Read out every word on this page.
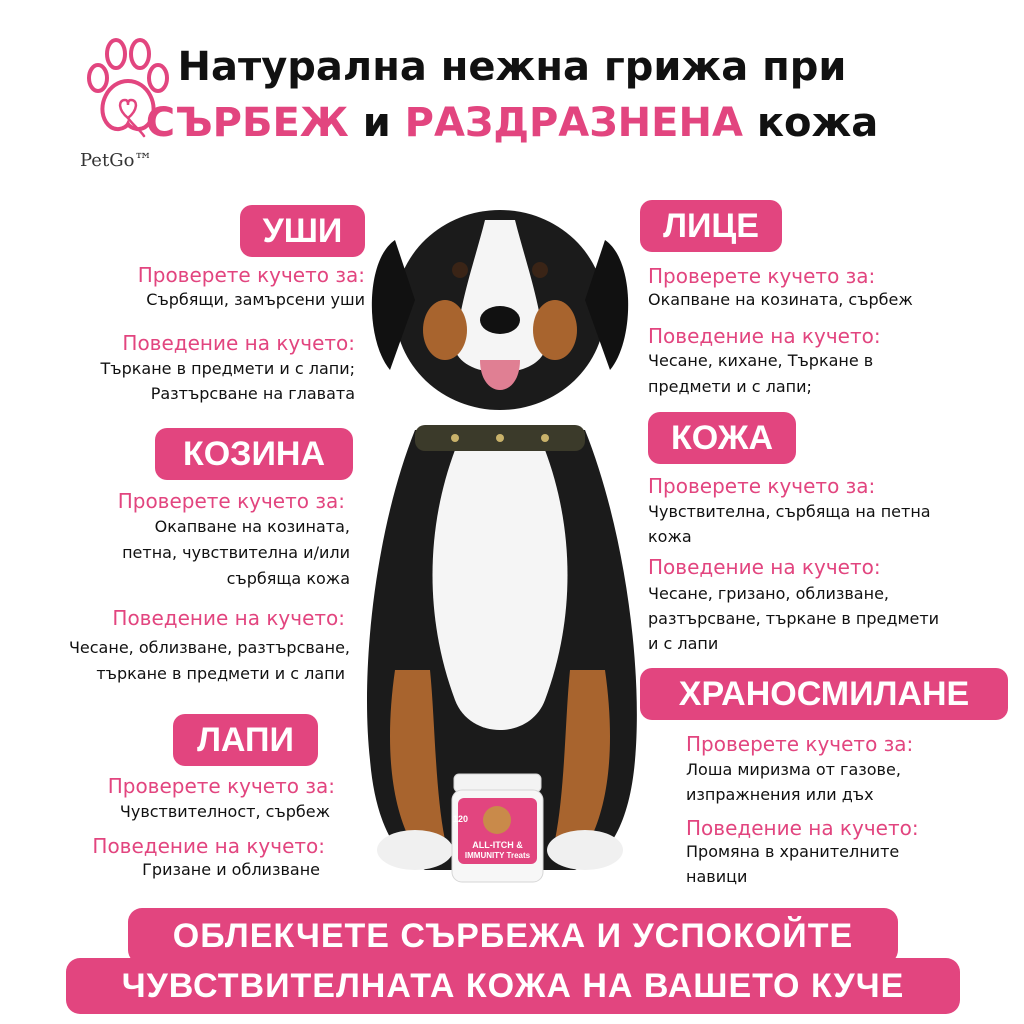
PetGo™
Натурална нежна грижа при
СЪРБЕЖ и РАЗДРАЗНЕНА кожа
ALL-ITCH &
IMMUNITY Treats
120
УШИ
Проверете кучето за:
Сърбящи, замърсени уши
Поведение на кучето:
Търкане в предмети и с лапи;
Разтърсване на главата
КОЗИНА
Проверете кучето за:
Окапване на козината,
петна, чувствителна и/или
сърбяща кожа
Поведение на кучето:
Чесане, облизване, разтърсване,
търкане в предмети и с лапи
ЛАПИ
Проверете кучето за:
Чувствителност, сърбеж
Поведение на кучето:
Гризане и облизване
ЛИЦЕ
Проверете кучето за:
Окапване на козината, сърбеж
Поведение на кучето:
Чесане, кихане, Търкане в
предмети и с лапи;
КОЖА
Проверете кучето за:
Чувствителна, сърбяща на петна
кожа
Поведение на кучето:
Чесане, гризано, облизване,
разтърсване, търкане в предмети
и с лапи
ХРАНОСМИЛАНЕ
Проверете кучето за:
Лоша миризма от газове,
изпражнения или дъх
Поведение на кучето:
Промяна в хранителните
навици
ОБЛЕКЧЕТЕ СЪРБЕЖА И УСПОКОЙТЕ
ЧУВСТВИТЕЛНАТА КОЖА НА ВАШЕТО КУЧЕ
